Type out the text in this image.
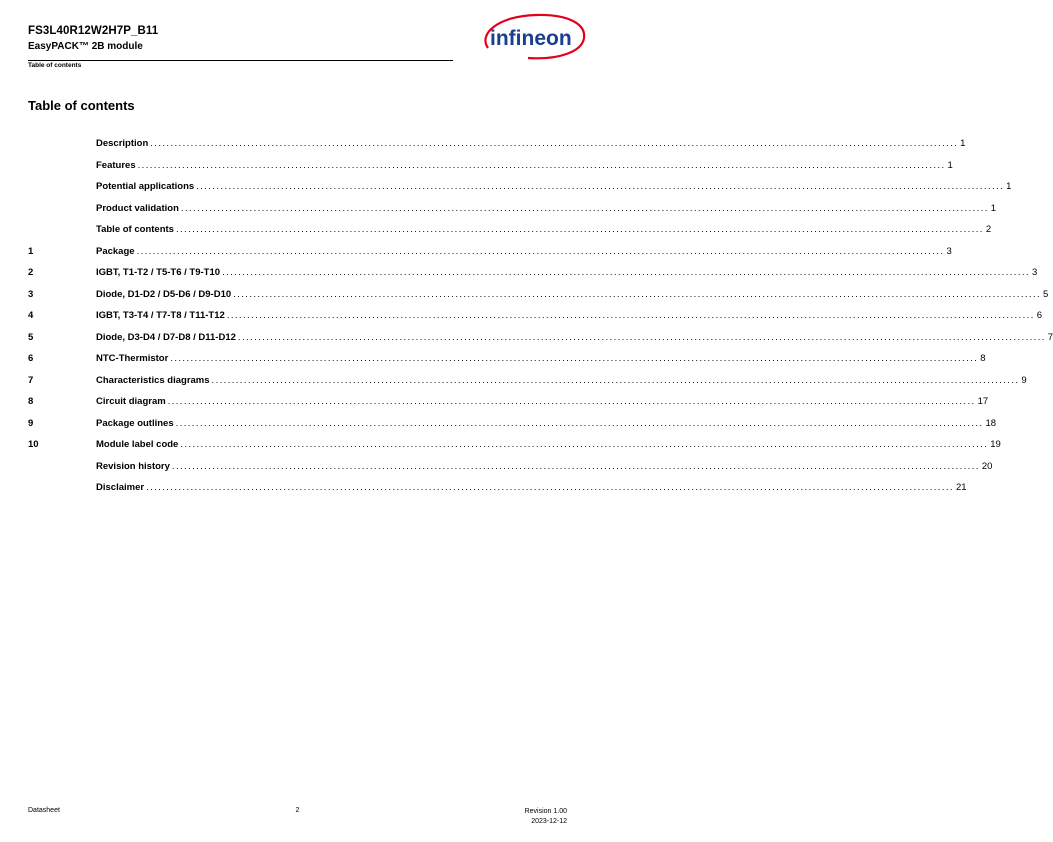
FS3L40R12W2H7P_B11
EasyPACK™ 2B module
Table of contents
infineon
Table of contents
Description ........................................................................................................................................................................................................ 1
Features ........................................................................................................................................................................................................ 1
Potential applications ........................................................................................................................................................................................................ 1
Product validation ........................................................................................................................................................................................................ 1
Table of contents ........................................................................................................................................................................................................ 2
1	Package ........................................................................................................................................................................................................ 3
2	IGBT, T1-T2 / T5-T6 / T9-T10 ........................................................................................................................................................................................................ 3
3	Diode, D1-D2 / D5-D6 / D9-D10 ........................................................................................................................................................................................................ 5
4	IGBT, T3-T4 / T7-T8 / T11-T12 ........................................................................................................................................................................................................ 6
5	Diode, D3-D4 / D7-D8 / D11-D12 ........................................................................................................................................................................................................ 7
6	NTC-Thermistor ........................................................................................................................................................................................................ 8
7	Characteristics diagrams ........................................................................................................................................................................................................ 9
8	Circuit diagram ........................................................................................................................................................................................................ 17
9	Package outlines ........................................................................................................................................................................................................ 18
10	Module label code ........................................................................................................................................................................................................ 19
Revision history ........................................................................................................................................................................................................ 20
Disclaimer ........................................................................................................................................................................................................ 21
Datasheet	2	Revision 1.00
2023-12-12
